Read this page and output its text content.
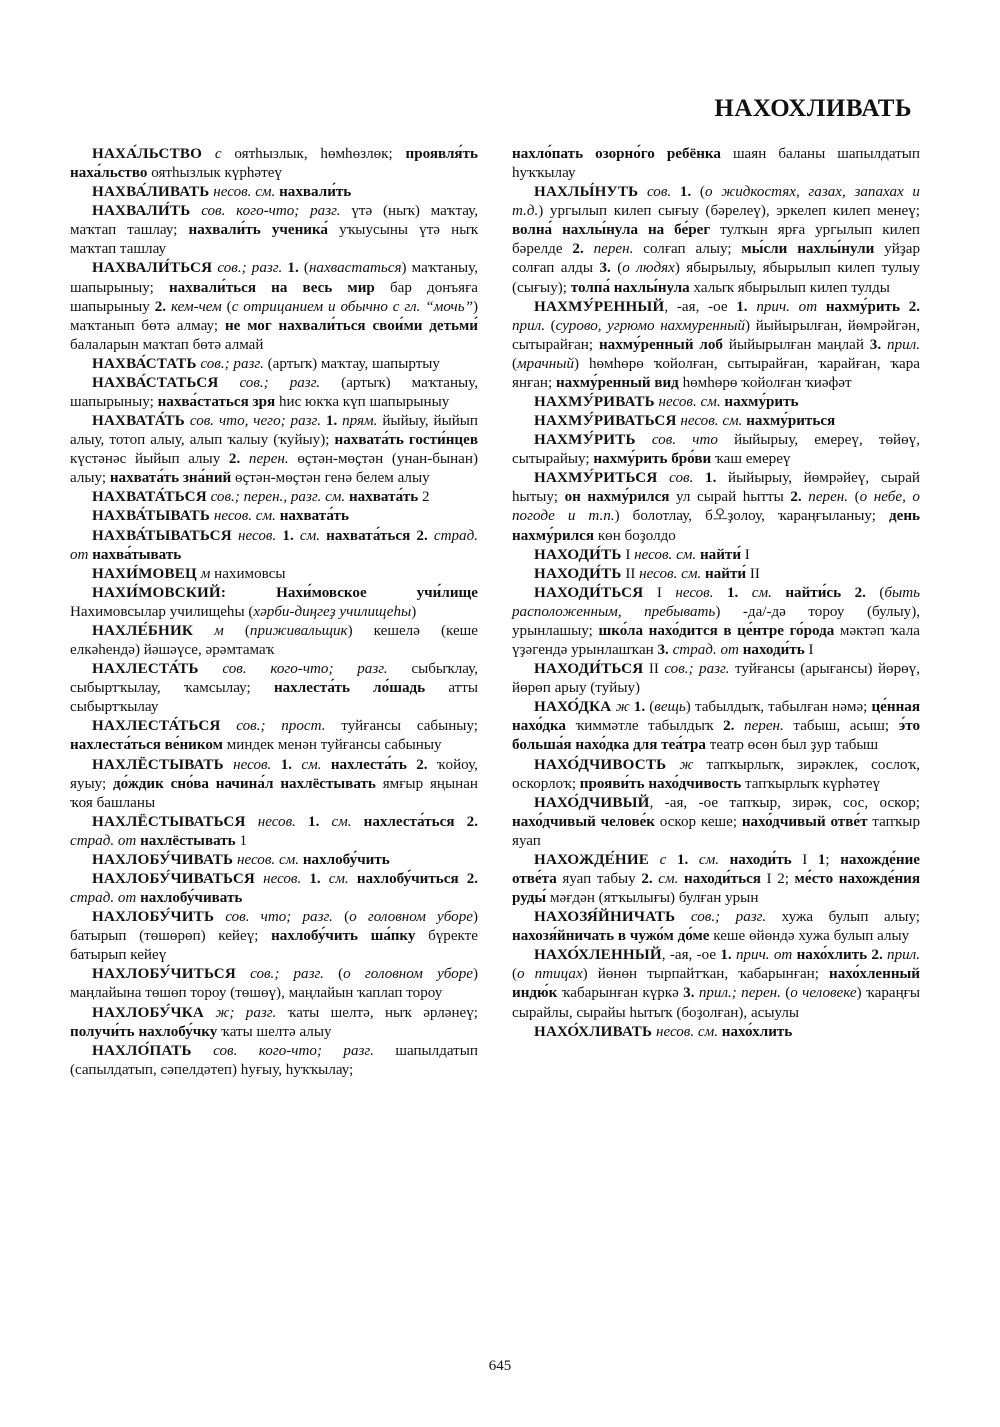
НАХОХЛИВАТЬ

НАХА́ЛЬСТВО с оятһызлык, һөмһөзлөк; проявля́ть наха́льство оятһызлык күрһәтеү

НАХВА́ЛИВАТЬ несов. см. нахвали́ть

НАХВАЛИ́ТЬ сов. кого-что; разг. үтә (ныҡ) маҡтау, маҡтап ташлау; нахвали́ть ученика́ уҡыусыны үтә ныҡ маҡтап ташлау

НАХВАЛИ́ТЬСЯ сов.; разг. 1. (нахвастаться) маҡтаныу, шапырыныу; нахвали́ться на весь мир бар донъяға шапырыныу 2. кем-чем (с отрицанием и обычно с гл. “мочь”) маҡтанып бөтә алмау; не мог нахвали́ться свои́ми детьми́ балаларын маҡтап бөтә алмай

НАХВА́СТАТЬ сов.; разг. (артыҡ) маҡтау, шапыртыу

НАХВА́СТАТЬСЯ сов.; разг. (артыҡ) маҡтаныу, шапырыныу; нахва́статься зря һис юкҡа күп шапырыныу

НАХВАТА́ТЬ сов. что, чего; разг. 1. прям. йыйыу, йыйып алыу, тотоп алыу, алып ҡалыу (ҡуйыу); нахвата́ть гости́нцев күстәнәс йыйып алыу 2. перен. өҫтән-мөҫтән (унан-бынан) алыу; нахвата́ть зна́ний өҫтән-мөҫтән генә белем алыу

НАХВАТА́ТЬСЯ сов.; перен., разг. см. нахвата́ть 2

НАХВА́ТЫВАТЬ несов. см. нахвата́ть

НАХВА́ТЫВАТЬСЯ несов. 1. см. нахвата́ться 2. страд. от нахва́тывать

НАХИ́МОВЕЦ м нахимовсы

НАХИ́МОВСКИЙ:	Нахи́мовское учи́лище Нахимовсылар училищеһы (хәрби-диңгеҙ училищеһы)

НАХЛЕ́БНИК м (приживальщик) кешелә (кеше елкәһендә) йәшәүсе, әрәмтамаҡ

НАХЛЕСТА́ТЬ сов. кого-что; разг. сыбыҡлау, сыбыртҡылау, ҡамсылау; нахлеста́ть ло́шадь атты сыбыртҡылау

НАХЛЕСТА́ТЬСЯ сов.; прост. туйғансы сабыныу; нахлеста́ться ве́ником миндек менән туйғансы сабыныу

НАХЛЁСТЫВАТЬ несов. 1. см. нахлеста́ть 2. ҡойоу, яуыу; до́ждик сно́ва начина́л нахлёстывать ямғыр яңынан ҡоя башланы

НАХЛЁСТЫВАТЬСЯ несов. 1. см. нахлеста́ться 2. страд. от нахлёстывать 1

НАХЛОБУ́ЧИВАТЬ несов. см. нахлобу́чить

НАХЛОБУ́ЧИВАТЬСЯ несов. 1. см. нахлобу́читься 2. страд. от нахлобу́чивать

НАХЛОБУ́ЧИТЬ сов. что; разг. (о головном уборе) батырып (төшөрөп) кейеү; нахлобу́чить ша́пку бүректе батырып кейеү

НАХЛОБУ́ЧИТЬСЯ сов.; разг. (о головном уборе) маңлайына төшөп тороу (төшөү), маңлайын ҡаплап тороу

НАХЛОБУ́ЧКА ж; разг. ҡаты шелтә, ныҡ әрләнеү; получи́ть нахлобу́чку ҡаты шелтә алыу

НАХЛО́ПАТЬ сов. кого-что; разг. шапылдатып (сапылдатып, сәпелдәтеп) һуғыу, һуҡҡылау;

нахло́пать озорно́го ребёнка шаян баланы шапылдатып һуҡҡылау

НАХЛЫ́НУТЬ сов. 1. (о жидкостях, газах, запахах и т.д.) ургылып килеп сығыу (бәрелеү), эркелеп килеп менеү; волна́ нахлы́нула на бе́рег тулҡын ярға ургылып килеп бәрелде 2. перен. солғап алыу; мы́сли нахлы́нули уйҙар солғап алды 3. (о людях) ябырылыу, ябырылып килеп тулыу (сығыу); толпа́ нахлы́нула халыҡ ябырылып килеп тулды

НАХМУ́РЕННЫЙ, -ая, -ое 1. прич. от нахму́рить 2. прил. (сурово, угрюмо нахмуренный) йыйырылған, йөмрәйгән, сытырайған; нахму́ренный лоб йыйырылған маңлай 3. прил. (мрачный) һөмһөрө ҡойолған, сытырайған, ҡарайған, ҡара янған; нахму́ренный вид һөмһөрө ҡойолған ҡиәфәт

НАХМУ́РИВАТЬ несов. см. нахму́рить

НАХМУ́РИВАТЬСЯ несов. см. нахму́риться

НАХМУ́РИТЬ сов. что йыйырыу, емереү, төйөү, сытырайыу; нахму́рить бро́ви ҡаш емереү

НАХМУ́РИТЬСЯ сов. 1. йыйырыу, йөмрәйеү, сырай һытыу; он нахму́рился ул сырай һытты 2. перен. (о небе, о погоде и т.п.) болотлау, б오ҙолоу, ҡараңғыланыу; день нахму́рился көн боҙолдо

НАХОДИ́ТЬ I несов. см. найти́ I

НАХОДИ́ТЬ II несов. см. найти́ II

НАХОДИ́ТЬСЯ I несов. 1. см. найти́сь 2. (быть расположенным, пребывать) -да/-дә тороу (булыу), урынлашыу; шко́ла нахо́дится в це́нтре го́рода мәктәп ҡала үҙәгендә урынлашҡан 3. страд. от находи́ть I

НАХОДИ́ТЬСЯ II сов.; разг. туйғансы (арығансы) йөрөү, йөрөп арыу (туйыу)

НАХО́ДКА ж 1. (вещь) табылдыҡ, табылған нәмә; це́нная нахо́дка ҡиммәтле табылдыҡ 2. перен. табыш, асыш; э́то больша́я нахо́дка для теа́тра театр өсөн был ҙур табыш

НАХО́ДЧИВОСТЬ ж тапҡырлыҡ, зирәклек, сослоҡ, оскорлоҡ; прояви́ть нахо́дчивость тапҡырлыҡ күрһәтеү

НАХО́ДЧИВЫЙ, -ая, -ое тапҡыр, зирәк, сос, оскор; нахо́дчивый челове́к оскор кеше; нахо́дчивый отве́т тапҡыр яуап

НАХОЖДЕ́НИЕ с 1. см. находи́ть I 1; нахожде́ние отве́та яуап табыу 2. см. находи́ться I 2; ме́сто нахожде́ния руды́ мәғдән (ятҡылығы) булған урын

НАХОЗЯ́ЙНИЧАТЬ сов.; разг. хужа булып алыу; нахозя́йничать в чужо́м до́ме кеше өйөндә хужа булып алыу

НАХО́ХЛЕННЫЙ, -ая, -ое 1. прич. от нахо́хлить 2. прил. (о птицах) йөнөн тырпайтҡан, ҡабарынған; нахо́хленный индю́к ҡабарынған күркә 3. прил.; перен. (о человеке) ҡараңғы сырайлы, сырайы һытыҡ (боҙолған), асыулы

НАХО́ХЛИВАТЬ несов. см. нахо́хлить

645
